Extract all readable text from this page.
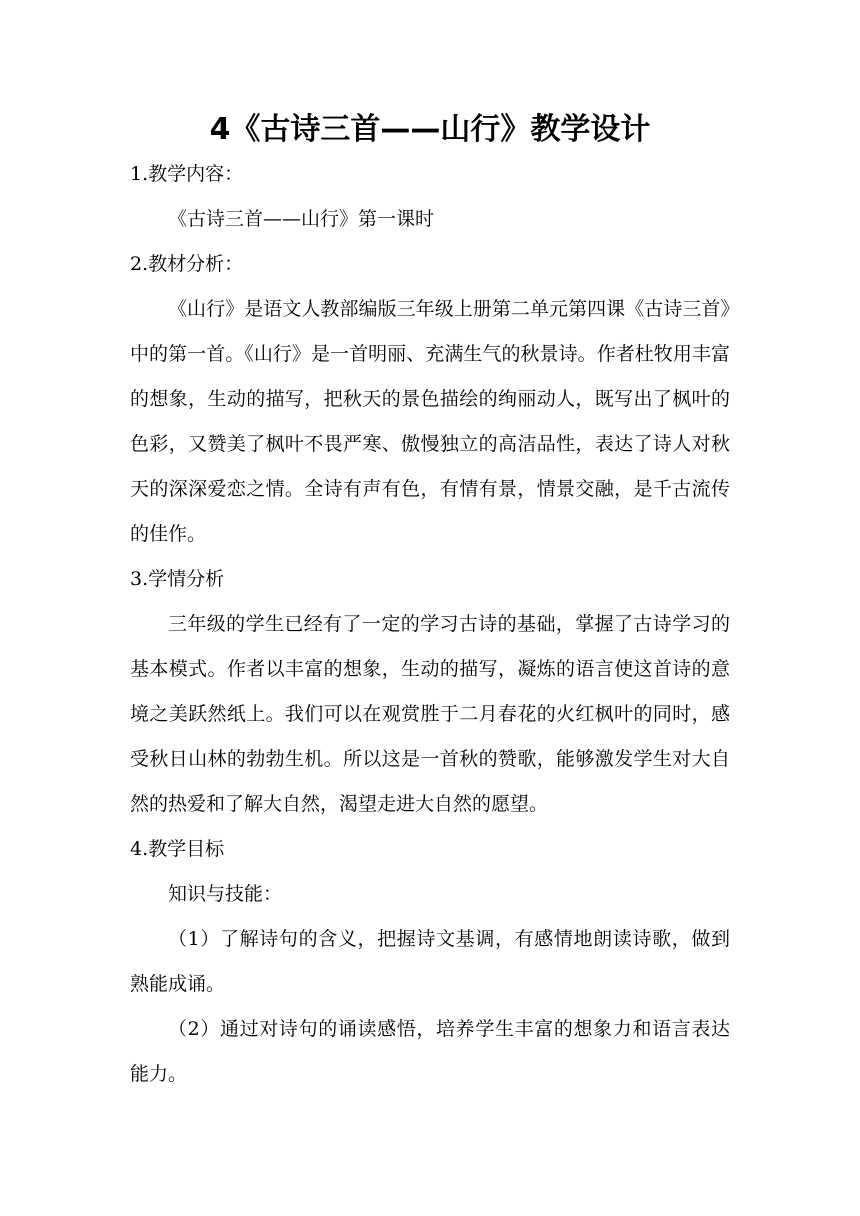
4《古诗三首——山行》教学设计

1.教学内容：

《古诗三首——山行》第一课时

2.教材分析：

《山行》是语文人教部编版三年级上册第二单元第四课《古诗三首》中的第一首。《山行》是一首明丽、充满生气的秋景诗。作者杜牧用丰富的想象，生动的描写，把秋天的景色描绘的绚丽动人，既写出了枫叶的色彩，又赞美了枫叶不畏严寒、傲慢独立的高洁品性，表达了诗人对秋天的深深爱恋之情。全诗有声有色，有情有景，情景交融，是千古流传的佳作。

3.学情分析

三年级的学生已经有了一定的学习古诗的基础，掌握了古诗学习的基本模式。作者以丰富的想象，生动的描写，凝炼的语言使这首诗的意境之美跃然纸上。我们可以在观赏胜于二月春花的火红枫叶的同时，感受秋日山林的勃勃生机。所以这是一首秋的赞歌，能够激发学生对大自然的热爱和了解大自然，渴望走进大自然的愿望。

4.教学目标

知识与技能：

（1）了解诗句的含义，把握诗文基调，有感情地朗读诗歌，做到熟能成诵。

（2）通过对诗句的诵读感悟，培养学生丰富的想象力和语言表达能力。
